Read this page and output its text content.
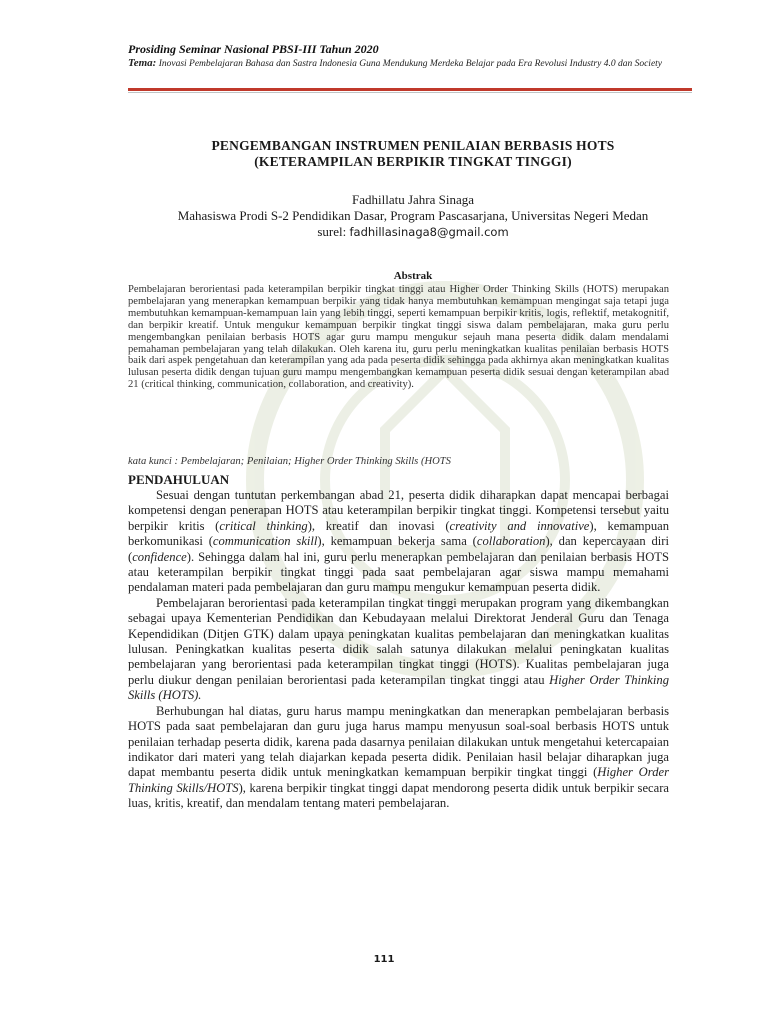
Prosiding Seminar Nasional PBSI-III Tahun 2020
Tema: Inovasi Pembelajaran Bahasa dan Sastra Indonesia Guna Mendukung Merdeka Belajar pada Era Revolusi Industry 4.0 dan Society
PENGEMBANGAN INSTRUMEN PENILAIAN BERBASIS HOTS
(KETERAMPILAN BERPIKIR TINGKAT TINGGI)
Fadhillatu Jahra Sinaga
Mahasiswa Prodi S-2 Pendidikan Dasar, Program Pascasarjana, Universitas Negeri Medan
surel: fadhillasinaga8@gmail.com
Abstrak
Pembelajaran berorientasi pada keterampilan berpikir tingkat tinggi atau Higher Order Thinking Skills (HOTS) merupakan pembelajaran yang menerapkan kemampuan berpikir yang tidak hanya membutuhkan kemampuan mengingat saja tetapi juga membutuhkan kemampuan-kemampuan lain yang lebih tinggi, seperti kemampuan berpikir kritis, logis, reflektif, metakognitif, dan berpikir kreatif. Untuk mengukur kemampuan berpikir tingkat tinggi siswa dalam pembelajaran, maka guru perlu mengembangkan penilaian berbasis HOTS agar guru mampu mengukur sejauh mana peserta didik dalam mendalami pemahaman pembelajaran yang telah dilakukan. Oleh karena itu, guru perlu meningkatkan kualitas penilaian berbasis HOTS baik dari aspek pengetahuan dan keterampilan yang ada pada peserta didik sehingga pada akhirnya akan meningkatkan kualitas lulusan peserta didik dengan tujuan guru mampu mengembangkan kemampuan peserta didik sesuai dengan keterampilan abad 21 (critical thinking, communication, collaboration, and creativity).
kata kunci : Pembelajaran; Penilaian; Higher Order Thinking Skills (HOTS
PENDAHULUAN

Sesuai dengan tuntutan perkembangan abad 21, peserta didik diharapkan dapat mencapai berbagai kompetensi dengan penerapan HOTS atau keterampilan berpikir tingkat tinggi. Kompetensi tersebut yaitu berpikir kritis (critical thinking), kreatif dan inovasi (creativity and innovative), kemampuan berkomunikasi (communication skill), kemampuan bekerja sama (collaboration), dan kepercayaan diri (confidence). Sehingga dalam hal ini, guru perlu menerapkan pembelajaran dan penilaian berbasis HOTS atau keterampilan berpikir tingkat tinggi pada saat pembelajaran agar siswa mampu memahami pendalaman materi pada pembelajaran dan guru mampu mengukur kemampuan peserta didik.

Pembelajaran berorientasi pada keterampilan tingkat tinggi merupakan program yang dikembangkan sebagai upaya Kementerian Pendidikan dan Kebudayaan melalui Direktorat Jenderal Guru dan Tenaga Kependidikan (Ditjen GTK) dalam upaya peningkatan kualitas pembelajaran dan meningkatkan kualitas lulusan. Peningkatkan kualitas peserta didik salah satunya dilakukan melalui peningkatan kualitas pembelajaran yang berorientasi pada keterampilan tingkat tinggi (HOTS). Kualitas pembelajaran juga perlu diukur dengan penilaian berorientasi pada keterampilan tingkat tinggi atau Higher Order Thinking Skills (HOTS).

Berhubungan hal diatas, guru harus mampu meningkatkan dan menerapkan pembelajaran berbasis HOTS pada saat pembelajaran dan guru juga harus mampu menyusun soal-soal berbasis HOTS untuk penilaian terhadap peserta didik, karena pada dasarnya penilaian dilakukan untuk mengetahui ketercapaian indikator dari materi yang telah diajarkan kepada peserta didik. Penilaian hasil belajar diharapkan juga dapat membantu peserta didik untuk meningkatkan kemampuan berpikir tingkat tinggi (Higher Order Thinking Skills/HOTS), karena berpikir tingkat tinggi dapat mendorong peserta didik untuk berpikir secara luas, kritis, kreatif, dan mendalam tentang materi pembelajaran.

111
